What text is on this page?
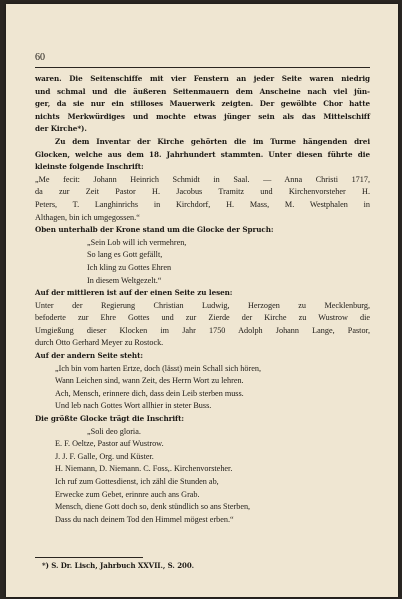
60
waren. Die Seitenschiffe mit vier Fenstern an jeder Seite waren niedrig
und schmal und die äußeren Seitenmauern dem Anscheine nach viel jün-
ger, da sie nur ein stilloses Mauerwerk zeigten. Der gewölbte Chor hatte
nichts Merkwürdiges und mochte etwas jünger sein als das Mittelschiff
der Kirche*).
Zu dem Inventar der Kirche gehörten die im Turme hängenden drei
Glocken, welche aus dem 18. Jahrhundert stammten. Unter diesen führte die
kleinste folgende Inschrift:
„Me fecit: Johann Heinrich Schmidt in Saal. — Anna Christi 1717,
da zur Zeit Pastor H. Jacobus Tramitz und Kirchenvorsteher H.
Peters, T. Langhinrichs in Kirchdorf, H. Mass, M. Westphalen in
Althagen, bin ich umgegossen.“
Oben unterhalb der Krone stand um die Glocke der Spruch:
„Sein Lob will ich vermehren,
So lang es Gott gefällt,
Ich kling zu Gottes Ehren
In diesem Weltgezelt.“
Auf der mittleren ist auf der einen Seite zu lesen:
Unter der Regierung Christian Ludwig, Herzogen zu Mecklenburg,
befoderte zur Ehre Gottes und zur Zierde der Kirche zu Wustrow die
Umgießung dieser Klocken im Jahr 1750 Adolph Johann Lange, Pastor,
durch Otto Gerhard Meyer zu Rostock.
Auf der andern Seite steht:
„Ich bin vom harten Ertze, doch (lässt) mein Schall sich hören,
Wann Leichen sind, wann Zeit, des Herrn Wort zu lehren.
Ach, Mensch, erinnere dich, dass dein Leib sterben muss.
Und leb nach Gottes Wort allhier in steter Buss.
Die größte Glocke trägt die Inschrift:
„Soli deo gloria.
E. F. Oeltze, Pastor auf Wustrow.
J. J. F. Galle, Org. und Küster.
H. Niemann, D. Niemann. C. Foss,. Kirchenvorsteher.
Ich ruf zum Gottesdienst, ich zähl die Stunden ab,
Erwecke zum Gebet, erinnre auch ans Grab.
Mensch, diene Gott doch so, denk stündlich so ans Sterben,
Dass du nach deinem Tod den Himmel mögest erben.“
*) S. Dr. Lisch, Jahrbuch XXVII., S. 200.
